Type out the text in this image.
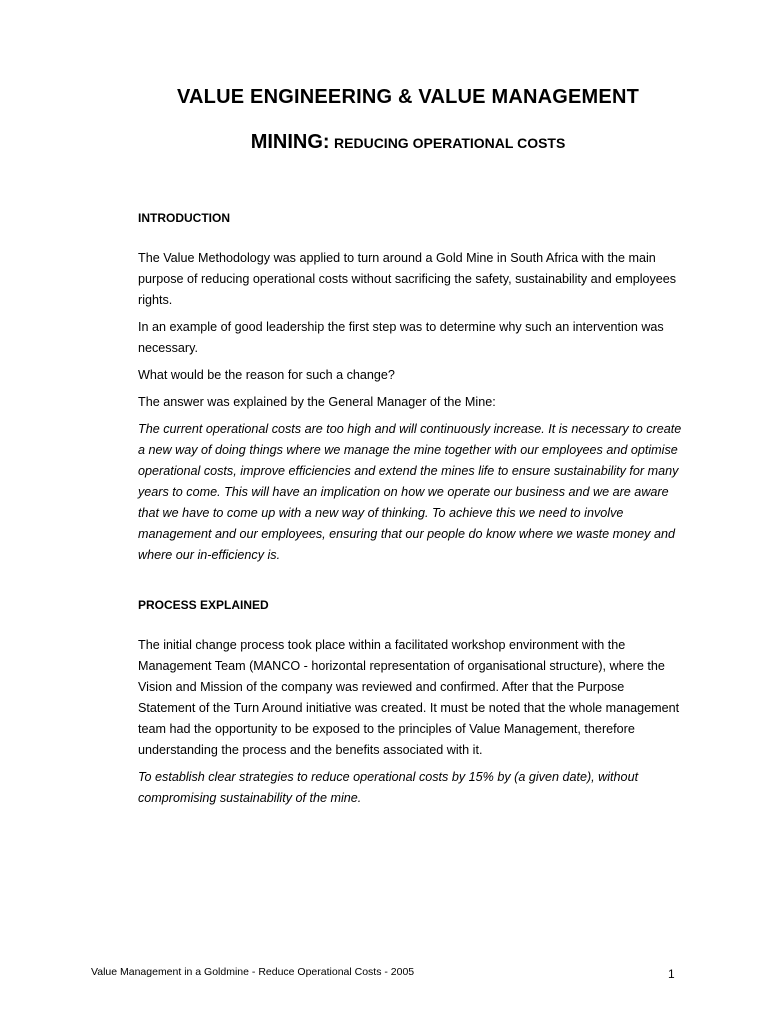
VALUE ENGINEERING & VALUE MANAGEMENT
MINING: REDUCING OPERATIONAL COSTS
INTRODUCTION

The Value Methodology was applied to turn around a Gold Mine in South Africa with the main purpose of reducing operational costs without sacrificing the safety, sustainability and employees rights.

In an example of good leadership the first step was to determine why such an intervention was necessary.

What would be the reason for such a change?

The answer was explained by the General Manager of the Mine:

The current operational costs are too high and will continuously increase. It is necessary to create a new way of doing things where we manage the mine together with our employees and optimise operational costs, improve efficiencies and extend the mines life to ensure sustainability for many years to come. This will have an implication on how we operate our business and we are aware that we have to come up with a new way of thinking. To achieve this we need to involve management and our employees, ensuring that our people do know where we waste money and where our in-efficiency is.

PROCESS EXPLAINED

The initial change process took place within a facilitated workshop environment with the Management Team (MANCO - horizontal representation of organisational structure), where the Vision and Mission of the company was reviewed and confirmed. After that the Purpose Statement of the Turn Around initiative was created. It must be noted that the whole management team had the opportunity to be exposed to the principles of Value Management, therefore understanding the process and the benefits associated with it.

To establish clear strategies to reduce operational costs by 15% by (a given date), without compromising sustainability of the mine.

Value Management in a Goldmine - Reduce Operational Costs - 2005	1
